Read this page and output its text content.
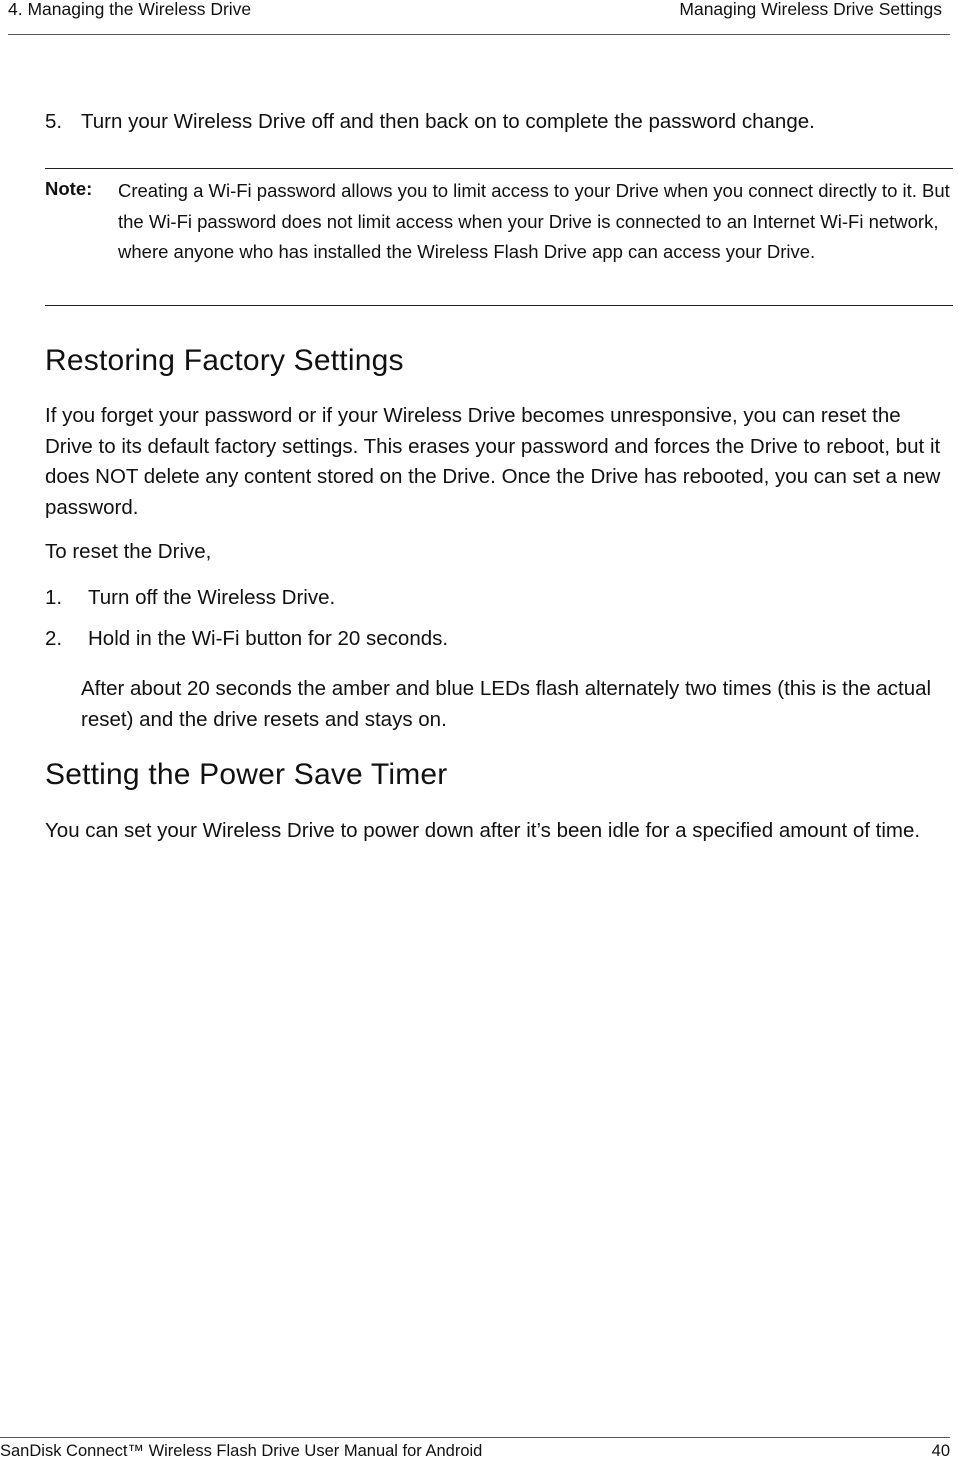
4. Managing the Wireless Drive	Managing Wireless Drive Settings
5. Turn your Wireless Drive off and then back on to complete the password change.
Note: Creating a Wi-Fi password allows you to limit access to your Drive when you connect directly to it. But the Wi-Fi password does not limit access when your Drive is connected to an Internet Wi-Fi network, where anyone who has installed the Wireless Flash Drive app can access your Drive.
Restoring Factory Settings

If you forget your password or if your Wireless Drive becomes unresponsive, you can reset the Drive to its default factory settings. This erases your password and forces the Drive to reboot, but it does NOT delete any content stored on the Drive. Once the Drive has rebooted, you can set a new password.

To reset the Drive,

1. Turn off the Wireless Drive.
2. Hold in the Wi-Fi button for 20 seconds.

After about 20 seconds the amber and blue LEDs flash alternately two times (this is the actual reset) and the drive resets and stays on.

Setting the Power Save Timer

You can set your Wireless Drive to power down after it’s been idle for a specified amount of time.

SanDisk Connect™ Wireless Flash Drive User Manual for Android	40
